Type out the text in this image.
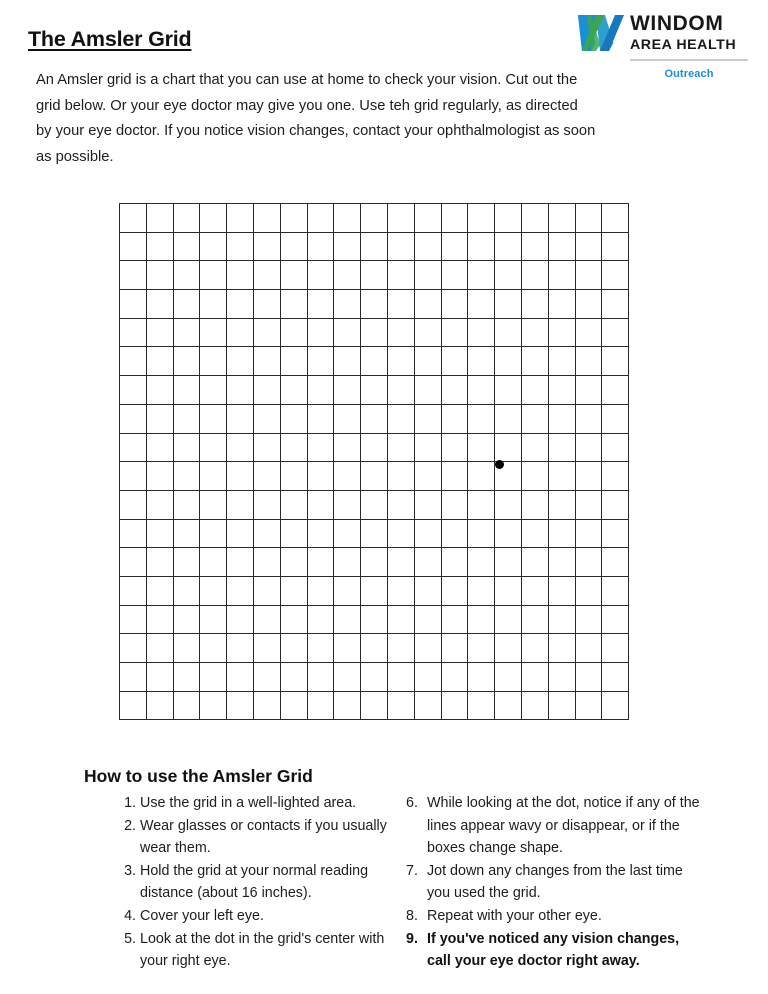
The Amsler Grid
An Amsler grid is a chart that you can use at home to check your vision. Cut out the grid below. Or your eye doctor may give you one. Use teh grid regularly, as directed by your eye doctor. If you notice vision changes, contact your ophthalmologist as soon as possible.
WINDOM
AREA HEALTH
Outreach

How to use the Amsler Grid
1. Use the grid in a well-lighted area.
2. Wear glasses or contacts if you usually wear them.
3. Hold the grid at your normal reading distance (about 16 inches).
4. Cover your left eye.
5. Look at the dot in the grid's center with your right eye.
6. While looking at the dot, notice if any of the lines appear wavy or disappear, or if the boxes change shape.
7. Jot down any changes from the last time you used the grid.
8. Repeat with your other eye.
9. If you've noticed any vision changes, call your eye doctor right away.
